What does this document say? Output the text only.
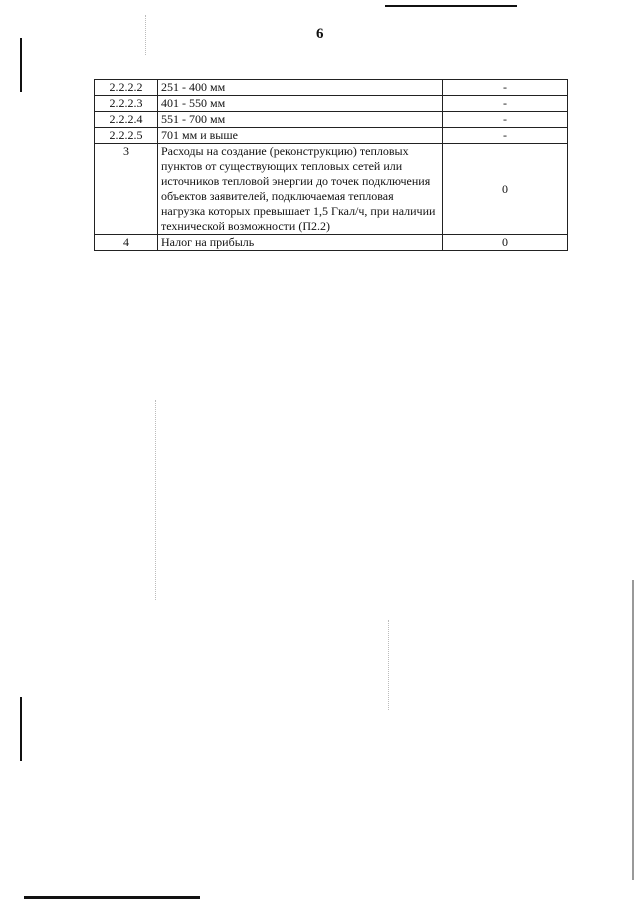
6
2.2.2.2	251 - 400 мм	-
2.2.2.3	401 - 550 мм	-
2.2.2.4	551 - 700 мм	-
2.2.2.5	701 мм и выше	-
3	Расходы на создание (реконструкцию) тепловых пунктов от существующих тепловых сетей или источников тепловой энергии до точек подключения объектов заявителей, подключаемая тепловая нагрузка которых превышает 1,5 Гкал/ч, при наличии технической возможности (П2.2)	0
4	Налог на прибыль	0
